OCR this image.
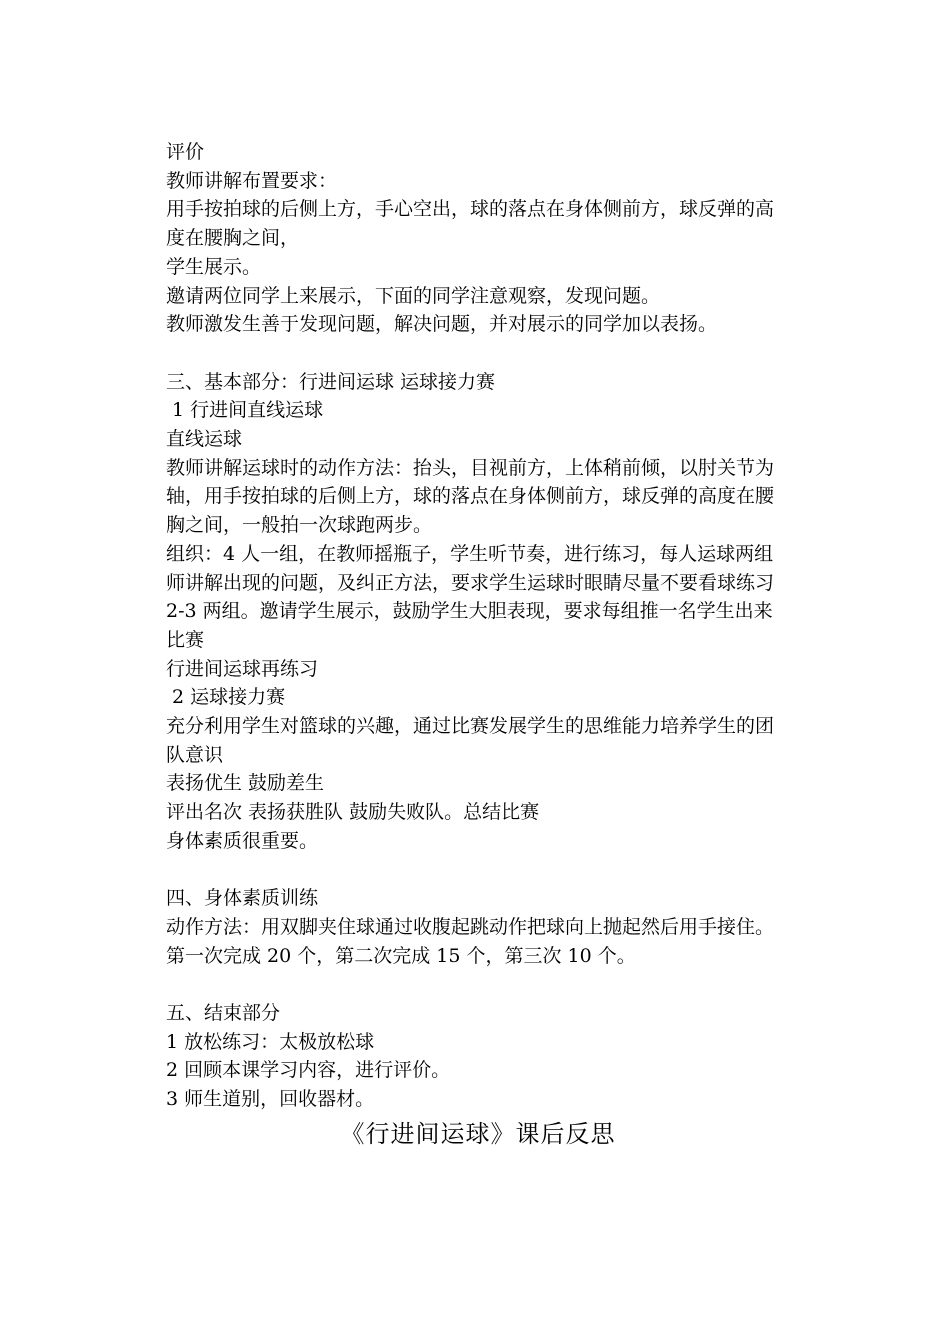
评价
教师讲解布置要求：
用手按拍球的后侧上方，手心空出，球的落点在身体侧前方，球反弹的高度在腰胸之间，
学生展示。
邀请两位同学上来展示，下面的同学注意观察，发现问题。
教师激发生善于发现问题，解决问题，并对展示的同学加以表扬。
三、基本部分：行进间运球 运球接力赛
1 行进间直线运球
直线运球
教师讲解运球时的动作方法：抬头，目视前方，上体稍前倾，以肘关节为轴，用手按拍球的后侧上方，球的落点在身体侧前方，球反弹的高度在腰胸之间，一般拍一次球跑两步。
组织：4 人一组，在教师摇瓶子，学生听节奏，进行练习，每人运球两组
师讲解出现的问题，及纠正方法，要求学生运球时眼睛尽量不要看球练习 2-3 两组。邀请学生展示，鼓励学生大胆表现，要求每组推一名学生出来比赛
行进间运球再练习
2 运球接力赛
充分利用学生对篮球的兴趣，通过比赛发展学生的思维能力培养学生的团队意识
表扬优生 鼓励差生
评出名次 表扬获胜队 鼓励失败队。总结比赛
身体素质很重要。
四、身体素质训练
动作方法：用双脚夹住球通过收腹起跳动作把球向上抛起然后用手接住。
第一次完成 20 个，第二次完成 15 个，第三次 10 个。
五、结束部分
1 放松练习：太极放松球
2 回顾本课学习内容，进行评价。
3 师生道别，回收器材。
《行进间运球》课后反思
